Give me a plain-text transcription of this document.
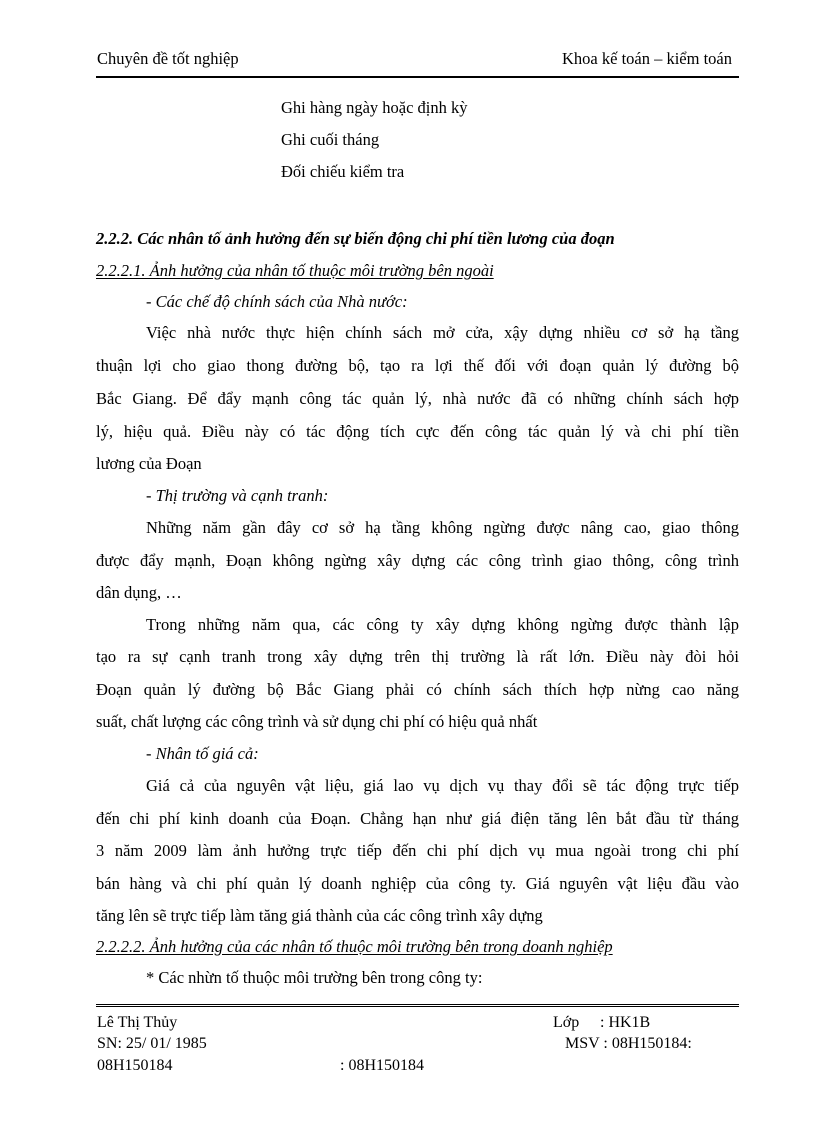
Chuyên đề tốt nghiệp	Khoa kế toán – kiểm toán
Ghi hàng ngày hoặc định kỳ
Ghi cuối tháng
Đối chiếu kiểm tra
2.2.2. Các nhân tố ảnh hưởng đến sự biến động chi phí tiền lương của đoạn
2.2.2.1. Ảnh hưởng của nhân tố thuộc môi trường bên ngoài
- Các chế độ chính sách của Nhà nước:
Việc nhà nước thực hiện chính sách mở cửa, xậy dựng nhiều cơ sở hạ tầng
thuận lợi cho giao thong đường bộ, tạo ra lợi thế đối với đoạn quản lý đường bộ
Bắc Giang. Để đẩy mạnh công tác quản lý, nhà nước đã có những chính sách hợp
lý, hiệu quả. Điều này có tác động tích cực đến công tác quản lý và chi phí tiền
lương của Đoạn
- Thị trường và cạnh tranh:
Những năm gần đây cơ sở hạ tầng không ngừng được nâng cao, giao thông
được đẩy mạnh, Đoạn không ngừng xây dựng các công trình giao thông, công trình
dân dụng, …
Trong những năm qua, các công ty xây dựng không ngừng được thành lập
tạo ra sự cạnh tranh trong xây dựng trên thị trường là rất lớn. Điều này đòi hỏi
Đoạn quản lý đường bộ Bắc Giang phải có chính sách thích hợp nừng cao năng
suất, chất lượng các công trình và sử dụng chi phí có hiệu quả nhất
- Nhân tố giá cả:
Giá cả của nguyên vật liệu, giá lao vụ dịch vụ thay đổi sẽ tác động trực tiếp
đến chi phí kinh doanh của Đoạn. Chẳng hạn như giá điện tăng lên bắt đầu từ tháng
3 năm 2009 làm ảnh hưởng trực tiếp đến chi phí dịch vụ mua ngoài trong chi phí
bán hàng và chi phí quản lý doanh nghiệp của công ty. Giá nguyên vật liệu đầu vào
tăng lên sẽ trực tiếp làm tăng giá thành của các công trình xây dựng
2.2.2.2. Ảnh hưởng của các nhân tố thuộc môi trường bên trong doanh nghiệp
* Các nhừn tố thuộc môi trường bên trong công ty:
Lê Thị Thủy	Lớp : HK1B
SN: 25/ 01/ 1985	MSV : 08H150184:
08H150184	: 08H150184
